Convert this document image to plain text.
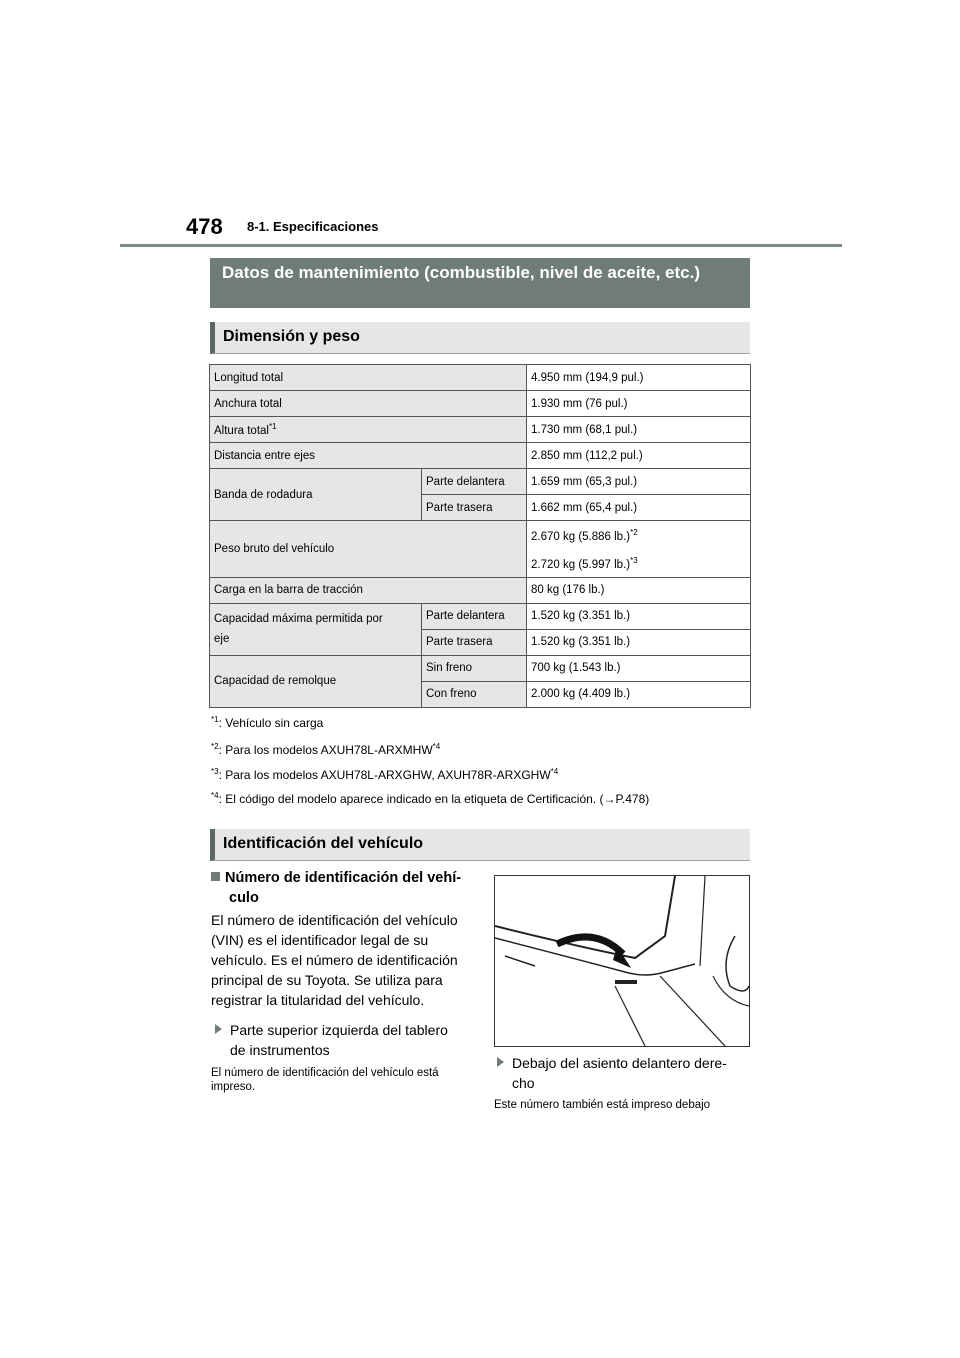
478 8-1. Especificaciones
Datos de mantenimiento (combustible, nivel de aceite, etc.)
Dimensión y peso
Longitud total		4.950 mm (194,9 pul.)
Anchura total		1.930 mm (76 pul.)
Altura total$^{*1}$		1.730 mm (68,1 pul.)
Distancia entre ejes		2.850 mm (112,2 pul.)
Banda de rodadura	Parte delantera	1.659 mm (65,3 pul.)
	Parte trasera	1.662 mm (65,4 pul.)
Peso bruto del vehículo		2.670 kg (5.886 lb.)$^{*2}$
2.720 kg (5.997 lb.)$^{*3}$

Carga en la barra de tracción		80 kg (176 lb.)

Capacidad máxima permitida por
eje	Parte delantera	1.520 kg (3.351 lb.)
	Parte trasera	1.520 kg (3.351 lb.)
Capacidad de remolque	Sin freno	700 kg (1.543 lb.)
	Con freno	2.000 kg (4.409 lb.)
$^{*1}$: Vehículo sin carga
$^{*2}$: Para los modelos AXUH78L-ARXMHW$^{*4}$
$^{*3}$: Para los modelos AXUH78L-ARXGHW, AXUH78R-ARXGHW$^{*4}$
$^{*4}$: El código del modelo aparece indicado en la etiqueta de Certificación. (→P.478)
Identificación del vehículo
Número de identificación del vehí-
culo
El número de identificación del vehículo (VIN) es el identificador legal de su vehículo. Es el número de identificación principal de su Toyota. Se utiliza para registrar la titularidad del vehículo.
Parte superior izquierda del tablero
de instrumentos
El número de identificación del vehículo está impreso.
Debajo del asiento delantero dere-
cho
Este número también está impreso debajo
